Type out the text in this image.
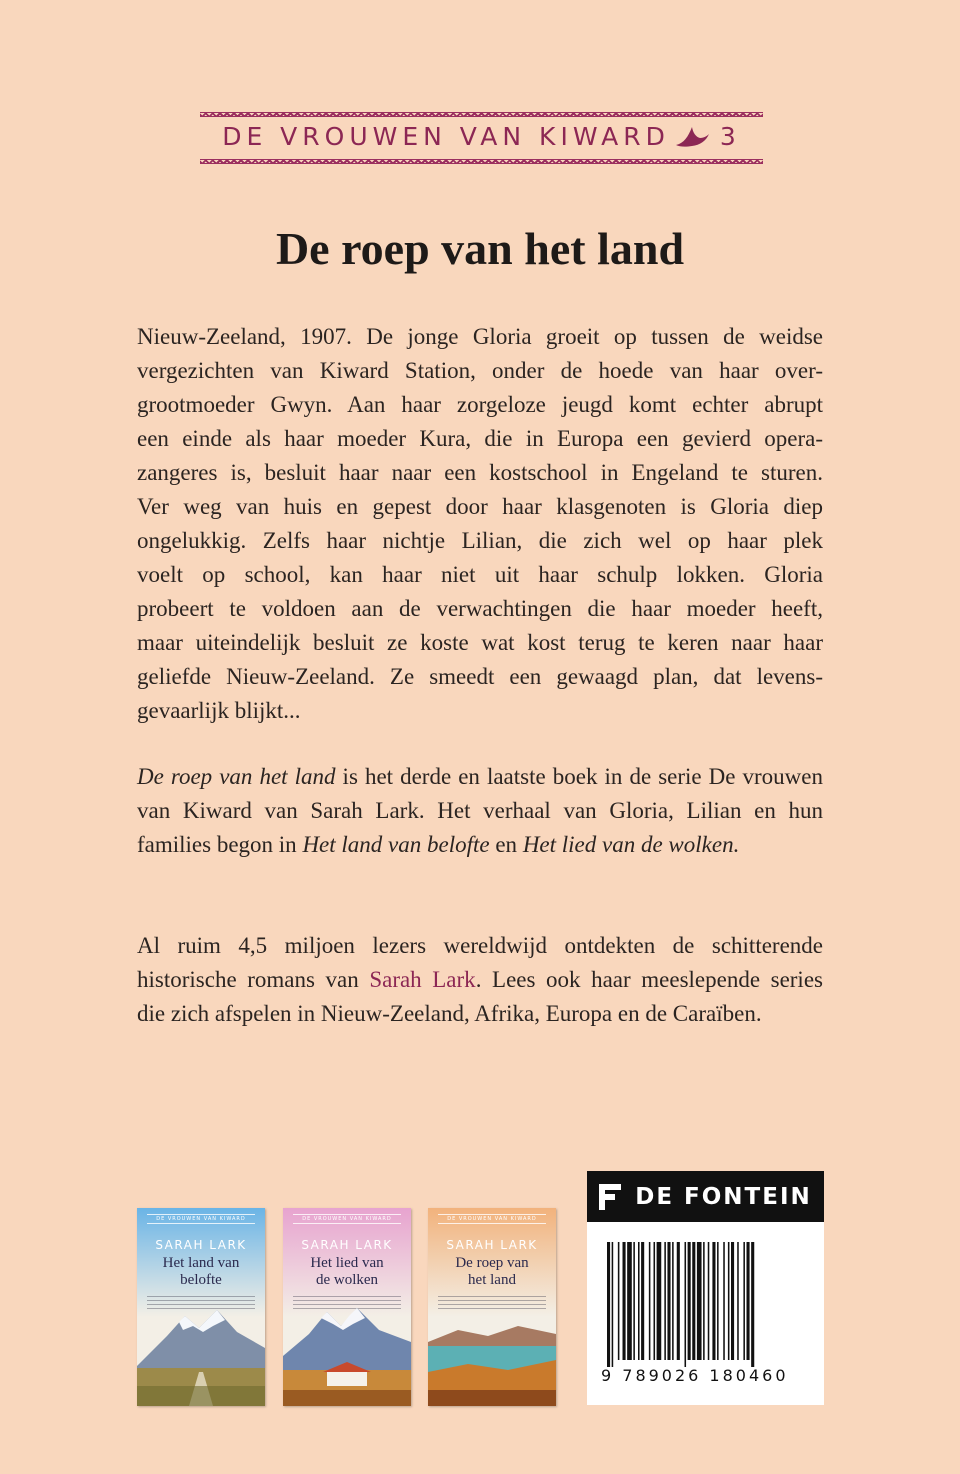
DE VROUWEN VAN KIWARD 3
De roep van het land
Nieuw-Zeeland, 1907. De jonge Gloria groeit op tussen de weidse
vergezichten van Kiward Station, onder de hoede van haar over-
grootmoeder Gwyn. Aan haar zorgeloze jeugd komt echter abrupt
een einde als haar moeder Kura, die in Europa een gevierd opera-
zangeres is, besluit haar naar een kostschool in Engeland te sturen.
Ver weg van huis en gepest door haar klasgenoten is Gloria diep
ongelukkig. Zelfs haar nichtje Lilian, die zich wel op haar plek
voelt op school, kan haar niet uit haar schulp lokken. Gloria
probeert te voldoen aan de verwachtingen die haar moeder heeft,
maar uiteindelijk besluit ze koste wat kost terug te keren naar haar
geliefde Nieuw-Zeeland. Ze smeedt een gewaagd plan, dat levens-
gevaarlijk blijkt...
De roep van het land is het derde en laatste boek in de serie De vrouwen
van Kiward van Sarah Lark. Het verhaal van Gloria, Lilian en hun
families begon in Het land van belofte en Het lied van de wolken.
Al ruim 4,5 miljoen lezers wereldwijd ontdekten de schitterende
historische romans van Sarah Lark. Lees ook haar meeslepende series
die zich afspelen in Nieuw-Zeeland, Afrika, Europa en de Caraïben.
DE VROUWEN VAN KIWARD
SARAH LARK
Het land van
belofte
DE VROUWEN VAN KIWARD
SARAH LARK
Het lied van
de wolken
DE VROUWEN VAN KIWARD
SARAH LARK
De roep van
het land
DE FONTEIN
9 789026 180460
